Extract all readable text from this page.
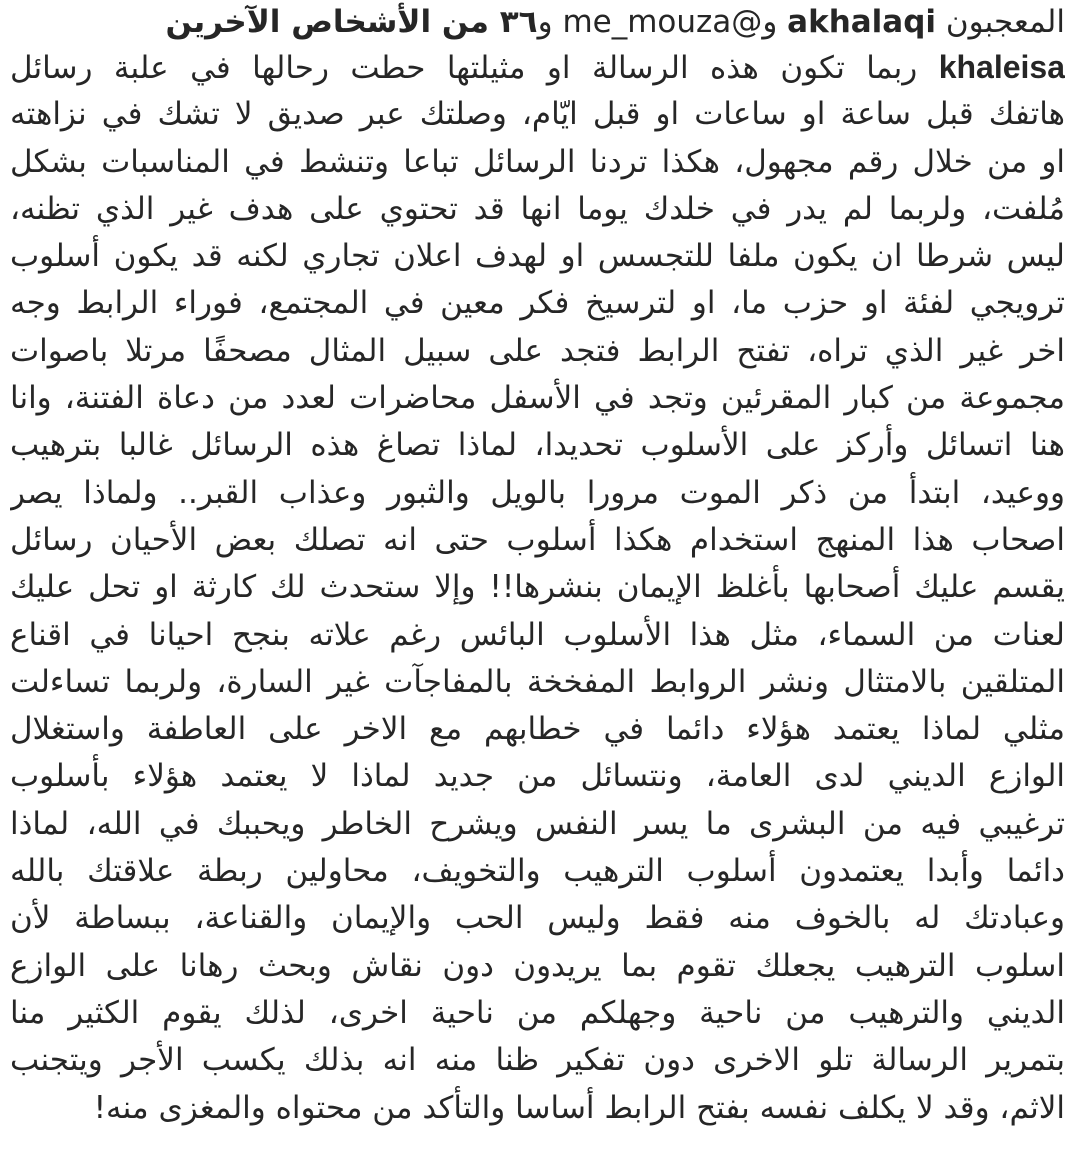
المعجبون akhalaqi وme_mouza@ و٣٦ من الأشخاص الآخرين
khaleisa ربما تكون هذه الرسالة او مثيلتها حطت رحالها في علبة رسائل
هاتفك قبل ساعة او ساعات او قبل ايّام، وصلتك عبر صديق لا تشك في نزاهته
او من خلال رقم مجهول، هكذا تردنا الرسائل تباعا وتنشط في المناسبات بشكل
مُلفت، ولربما لم يدر في خلدك يوما انها قد تحتوي على هدف غير الذي تظنه،
ليس شرطا ان يكون ملفا للتجسس او لهدف اعلان تجاري لكنه قد يكون أسلوب
ترويجي لفئة او حزب ما، او لترسيخ فكر معين في المجتمع، فوراء الرابط وجه
اخر غير الذي تراه، تفتح الرابط فتجد على سبيل المثال مصحفًا مرتلا باصوات
مجموعة من كبار المقرئين وتجد في الأسفل محاضرات لعدد من دعاة الفتنة، وانا
هنا اتسائل وأركز على الأسلوب تحديدا، لماذا تصاغ هذه الرسائل غالبا بترهيب
ووعيد، ابتدأ من ذكر الموت مرورا بالويل والثبور وعذاب القبر.. ولماذا يصر
اصحاب هذا المنهج استخدام هكذا أسلوب حتى انه تصلك بعض الأحيان رسائل
يقسم عليك أصحابها بأغلظ الإيمان بنشرها!! وإلا ستحدث لك كارثة او تحل عليك
لعنات من السماء، مثل هذا الأسلوب البائس رغم علاته بنجح احيانا في اقناع
المتلقين بالامتثال ونشر الروابط المفخخة بالمفاجآت غير السارة، ولربما تساءلت
مثلي لماذا يعتمد هؤلاء دائما في خطابهم مع الاخر على العاطفة واستغلال
الوازع الديني لدى العامة، ونتسائل من جديد لماذا لا يعتمد هؤلاء بأسلوب
ترغيبي فيه من البشرى ما يسر النفس ويشرح الخاطر ويحببك في الله، لماذا
دائما وأبدا يعتمدون أسلوب الترهيب والتخويف، محاولين ربطة علاقتك بالله
وعبادتك له بالخوف منه فقط وليس الحب والإيمان والقناعة، ببساطة لأن
اسلوب الترهيب يجعلك تقوم بما يريدون دون نقاش وبحث رهانا على الوازع
الديني والترهيب من ناحية وجهلكم من ناحية اخرى، لذلك يقوم الكثير منا
بتمرير الرسالة تلو الاخرى دون تفكير ظنا منه انه بذلك يكسب الأجر ويتجنب
الاثم، وقد لا يكلف نفسه بفتح الرابط أساسا والتأكد من محتواه والمغزى منه!
